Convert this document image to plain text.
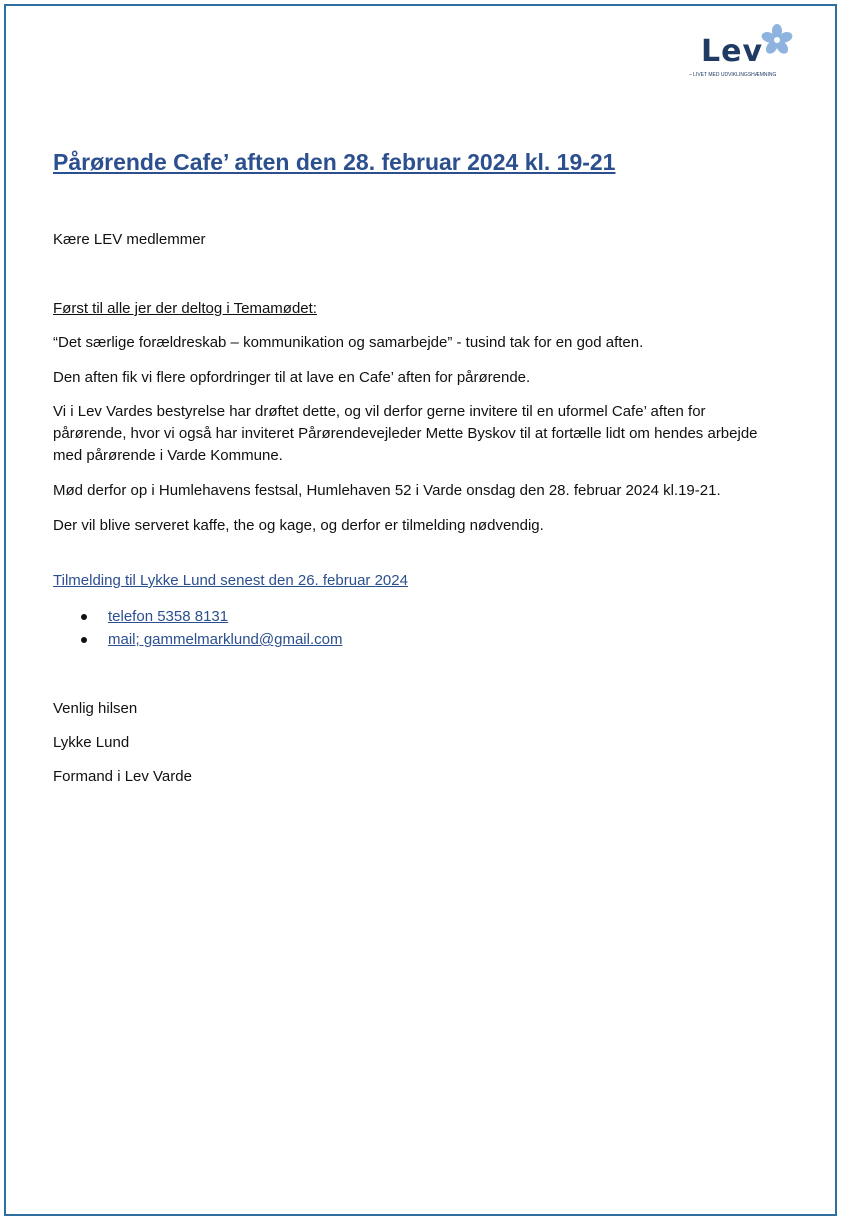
Lev
– LIVET MED UDVIKLINGSHÆMNING
Pårørende Cafe’ aften den 28. februar 2024 kl. 19-21
Kære LEV medlemmer
Først til alle jer der deltog i Temamødet:
“Det særlige forældreskab – kommunikation og samarbejde” - tusind tak for en god aften.
Den aften fik vi flere opfordringer til at lave en Cafe’ aften for pårørende.
Vi i Lev Vardes bestyrelse har drøftet dette, og vil derfor gerne invitere til en uformel Cafe’ aften for
pårørende, hvor vi også har inviteret Pårørendevejleder Mette Byskov til at fortælle lidt om hendes arbejde
med pårørende i Varde Kommune.
Mød derfor op i Humlehavens festsal, Humlehaven 52 i Varde onsdag den 28. februar 2024 kl.19-21.
Der vil blive serveret kaffe, the og kage, og derfor er tilmelding nødvendig.
Tilmelding til Lykke Lund senest den 26. februar 2024
telefon 5358 8131
mail; gammelmarklund@gmail.com
Venlig hilsen
Lykke Lund
Formand i Lev Varde
